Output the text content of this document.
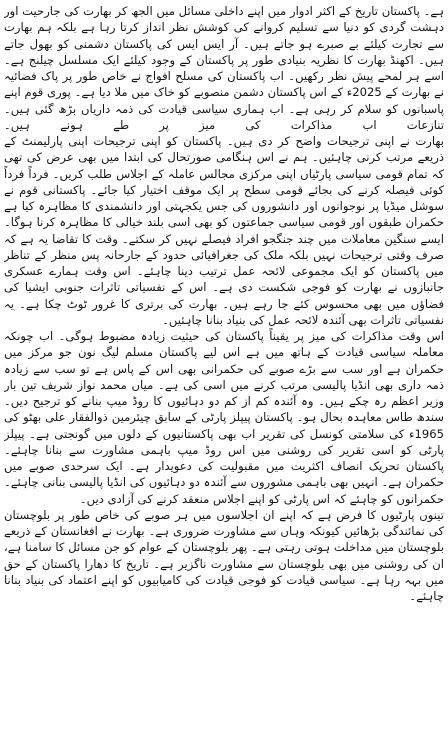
ہے۔ پاکستان تاریخ کے اکثر ادوار میں اپنے داخلی مسائل میں الجھ کر بھارت کی جارحیت اور دہشت گردی کو دنیا سے تسلیم کروانے کی کوشش نظر انداز کرتا رہا ہے بلکہ ہم بھارت سے تجارت کیلئے بے صبرے ہو جاتے ہیں۔ آر ایس ایس کی پاکستان دشمنی کو بھول جاتے ہیں۔ اکھنڈ بھارت کا نظریہ بنیادی طور پر پاکستان کے وجود کیلئے ایک مسلسل چیلنج ہے۔ اسے ہر لمحے پیش نظر رکھیں۔ اب پاکستان کی مسلح افواج نے خاص طور پر پاک فضائیہ نے بھارت کے 2025ء کے اس پاکستان دشمن منصوبے کو خاک میں ملا دیا ہے۔ پوری قوم اپنے پاسبانوں کو سلام کر رہی ہے۔ اب ہماری سیاسی قیادت کی ذمہ داریاں بڑھ گئی ہیں۔ تنازعات اب مذاکرات کی میز پر طے ہونے ہیں۔

بھارت نے اپنی ترجیحات واضح کر دی ہیں۔ پاکستان کو اپنی ترجیحات اپنی پارلیمنٹ کے ذریعے مرتب کرنی چاہئیں۔ ہم نے اس ہنگامی صورتحال کی ابتدا میں بھی عرض کی تھی کہ تمام قومی سیاسی پارٹیاں اپنی مرکزی مجالس عاملہ کے اجلاس طلب کریں۔ فرداً فرداً کوئی فیصلہ کرنے کی بجائے قومی سطح پر ایک موقف اختیار کیا جائے۔ پاکستانی قوم نے سوشل میڈیا پر نوجوانوں اور دانشوروں کی جس یکجہتی اور دانشمندی کا مظاہرہ کیا ہے حکمران طبقوں اور قومی سیاسی جماعتوں کو بھی اسی بلند خیالی کا مظاہرہ کرنا ہوگا۔ ایسے سنگین معاملات میں چند جنگجو افراد فیصلے نہیں کر سکتے۔ وقت کا تقاضا یہ ہے کہ صرف وقتی ترجیحات نہیں بلکہ ملک کی جغرافیائی حدود کے جارحانہ پس منظر کے تناظر میں پاکستان کو ایک مجموعی لائحہ عمل ترتیب دینا چاہئے۔ اس وقت ہمارے عسکری جانبازوں نے بھارت کو فوجی شکست دی ہے۔ اس کے نفسیاتی تاثرات جنوبی ایشیا کی فضاؤں میں بھی محسوس کئے جا رہے ہیں۔ بھارت کی برتری کا غرور ٹوٹ چکا ہے۔ یہ نفسیاتی تاثرات بھی آئندہ لائحہ عمل کی بنیاد بنانا چاہئیں۔

اس وقت مذاکرات کی میز پر یقیناً پاکستان کی حیثیت زیادہ مضبوط ہوگی۔ اب چونکہ معاملہ سیاسی قیادت کے ہاتھ میں ہے اس لیے پاکستان مسلم لیگ نون جو مرکز میں حکمران ہے اور سب سے بڑے صوبے کی حکمرانی بھی اس کے پاس ہے تو سب سے زیادہ ذمہ داری بھی انڈیا پالیسی مرتب کرنے میں اسی کی ہے۔ میاں محمد نواز شریف تین بار وزیر اعظم رہ چکے ہیں۔ وہ آئندہ کم از کم دو دہائیوں کا روڈ میپ بنانے کو ترجیح دیں۔ سندھ طاس معاہدہ بحال ہو۔ پاکستان پیپلز پارٹی کے سابق چیئرمین ذوالفقار علی بھٹو کی 1965ء کی سلامتی کونسل کی تقریر اب بھی پاکستانیوں کے دلوں میں گونجتی ہے۔ پیپلز پارٹی کو اسی تقریر کی روشنی میں اس روڈ میپ باہمی مشاورت سے بنانا چاہئے۔ پاکستان تحریک انصاف اکثریت میں مقبولیت کی دعویدار ہے۔ ایک سرحدی صوبے میں حکمران ہے۔ انہیں بھی باہمی مشوروں سے آئندہ دو دہائیوں کی انڈیا پالیسی بنانی چاہئے۔ حکمرانوں کو چاہئے کہ اس پارٹی کو اپنے اجلاس منعقد کرنے کی آزادی دیں۔

تینوں پارٹیوں کا فرض ہے کہ اپنے ان اجلاسوں میں ہر صوبے کی خاص طور پر بلوچستان کی نمائندگی بڑھائیں کیونکہ وہاں سے مشاورت ضروری ہے۔ بھارت نے افغانستان کے ذریعے بلوچستان میں مداخلت ہوتی رہتی ہے۔ پھر بلوچستان کے عوام کو جن مسائل کا سامنا ہے، ان کی روشنی میں بھی بلوچستان سے مشاورت ناگزیر ہے۔ تاریخ کا دھارا پاکستان کے حق میں بہہ رہا ہے۔ سیاسی قیادت کو فوجی قیادت کی کامیابیوں کو اپنے اعتماد کی بنیاد بنانا چاہئے۔
